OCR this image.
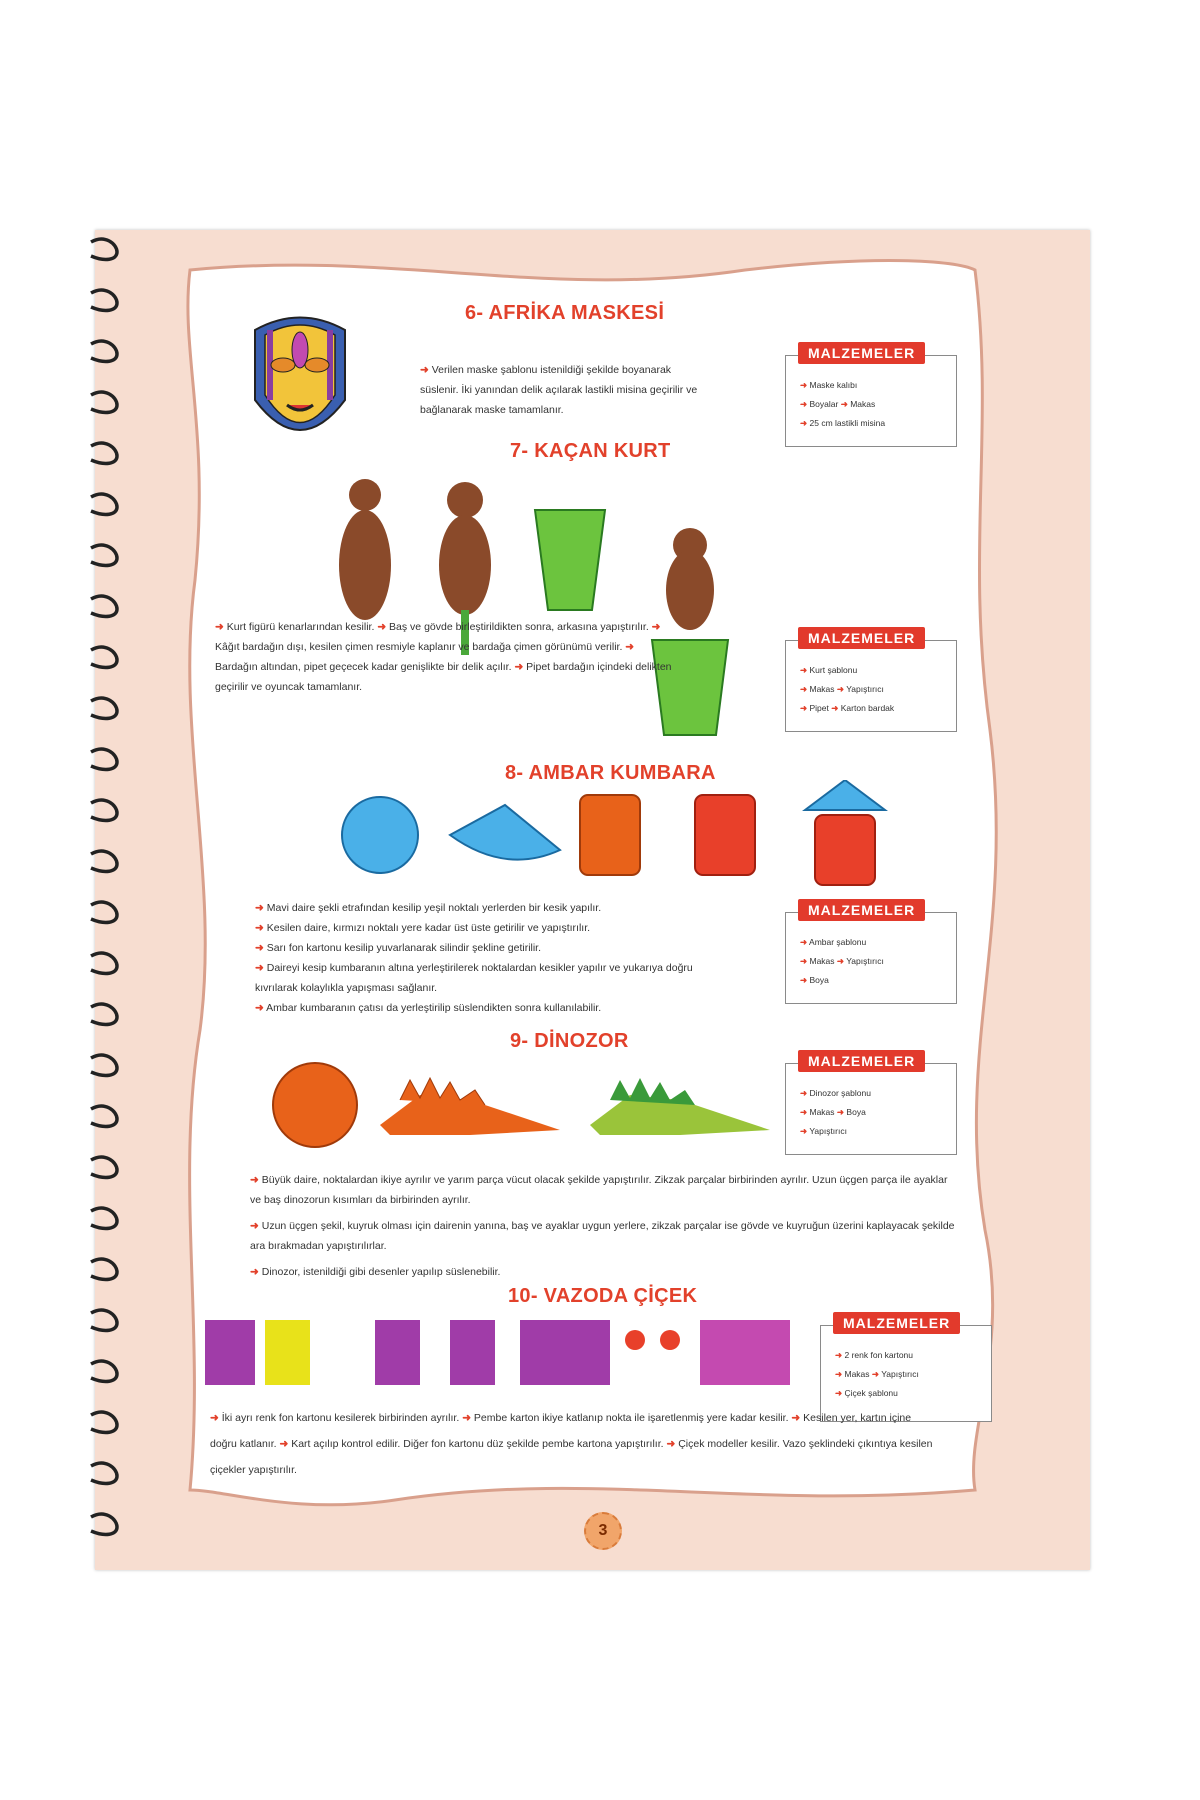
6- AFRİKA MASKESİ
➜ Verilen maske şablonu istenildiği şekilde boyanarak süslenir. İki yanından delik açılarak lastikli misina geçirilir ve bağlanarak maske tamamlanır.
MALZEMELER
➜ Maske kalıbı
➜ Boyalar ➜ Makas
➜ 25 cm lastikli misina
7- KAÇAN KURT
➜ Kurt figürü kenarlarından kesilir. ➜ Baş ve gövde birleştirildikten sonra, arkasına yapıştırılır. ➜ Kâğıt bardağın dışı, kesilen çimen resmiyle kaplanır ve bardağa çimen görünümü verilir. ➜ Bardağın altından, pipet geçecek kadar genişlikte bir delik açılır. ➜ Pipet bardağın içindeki delikten geçirilir ve oyuncak tamamlanır.
MALZEMELER
➜ Kurt şablonu
➜ Makas ➜ Yapıştırıcı
➜ Pipet ➜ Karton bardak
8- AMBAR KUMBARA
➜ Mavi daire şekli etrafından kesilip yeşil noktalı yerlerden bir kesik yapılır.
➜ Kesilen daire, kırmızı noktalı yere kadar üst üste getirilir ve yapıştırılır.
➜ Sarı fon kartonu kesilip yuvarlanarak silindir şekline getirilir.
➜ Daireyi kesip kumbaranın altına yerleştirilerek noktalardan kesikler yapılır ve yukarıya doğru kıvrılarak kolaylıkla yapışması sağlanır.
➜ Ambar kumbaranın çatısı da yerleştirilip süslendikten sonra kullanılabilir.
MALZEMELER
➜ Ambar şablonu
➜ Makas ➜ Yapıştırıcı
➜ Boya
9- DİNOZOR
MALZEMELER
➜ Dinozor şablonu
➜ Makas ➜ Boya
➜ Yapıştırıcı
➜ Büyük daire, noktalardan ikiye ayrılır ve yarım parça vücut olacak şekilde yapıştırılır. Zikzak parçalar birbirinden ayrılır. Uzun üçgen parça ile ayaklar ve baş dinozorun kısımları da birbirinden ayrılır.
➜ Uzun üçgen şekil, kuyruk olması için dairenin yanına, baş ve ayaklar uygun yerlere, zikzak parçalar ise gövde ve kuyruğun üzerini kaplayacak şekilde ara bırakmadan yapıştırılırlar.
➜ Dinozor, istenildiği gibi desenler yapılıp süslenebilir.
10- VAZODA ÇİÇEK
MALZEMELER
➜ 2 renk fon kartonu
➜ Makas ➜ Yapıştırıcı
➜ Çiçek şablonu
➜ İki ayrı renk fon kartonu kesilerek birbirinden ayrılır. ➜ Pembe karton ikiye katlanıp nokta ile işaretlenmiş yere kadar kesilir. ➜ Kesilen yer, kartın içine doğru katlanır. ➜ Kart açılıp kontrol edilir. Diğer fon kartonu düz şekilde pembe kartona yapıştırılır. ➜ Çiçek modeller kesilir. Vazo şeklindeki çıkıntıya kesilen çiçekler yapıştırılır.
3
